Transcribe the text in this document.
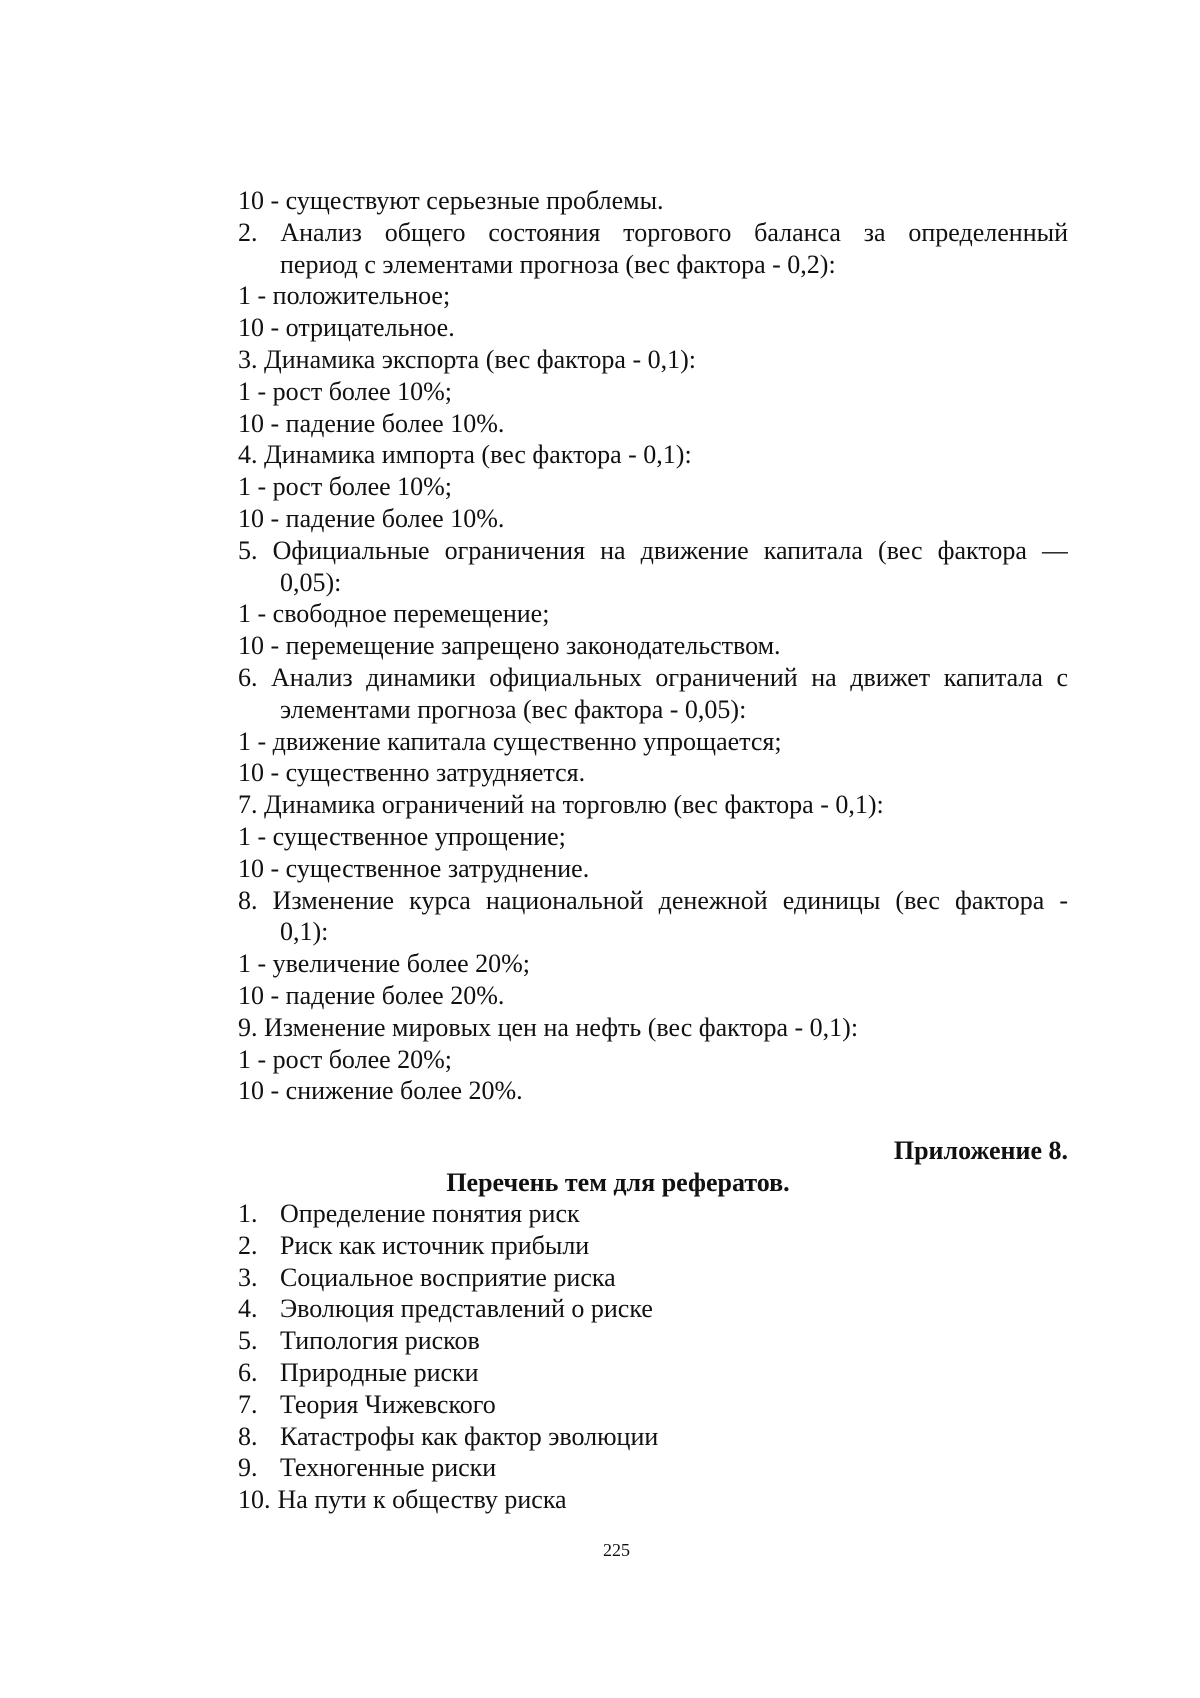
10 - существуют серьезные проблемы.
2. Анализ общего состояния торгового баланса за определенный
период с элементами прогноза (вес фактора - 0,2):
1 - положительное;
10 - отрицательное.
3. Динамика экспорта (вес фактора - 0,1):
1 - рост более 10%;
10 - падение более 10%.
4. Динамика импорта (вес фактора - 0,1):
1 - рост более 10%;
10 - падение более 10%.
5. Официальные ограничения на движение капитала (вес фактора —
0,05):
1 - свободное перемещение;
10 - перемещение запрещено законодательством.
6. Анализ динамики официальных ограничений на движет капитала с
элементами прогноза (вес фактора - 0,05):
1 - движение капитала существенно упрощается;
10 - существенно затрудняется.
7. Динамика ограничений на торговлю (вес фактора - 0,1):
1 - существенное упрощение;
10 - существенное затруднение.
8. Изменение курса национальной денежной единицы (вес фактора -
0,1):
1 - увеличение более 20%;
10 - падение более 20%.
9. Изменение мировых цен на нефть (вес фактора - 0,1):
1 - рост более 20%;
10 - снижение более 20%.
Приложение 8.
Перечень тем для рефератов.
1. Определение понятия риск
2. Риск как источник прибыли
3. Социальное восприятие риска
4. Эволюция представлений о риске
5. Типология рисков
6. Природные риски
7. Теория Чижевского
8. Катастрофы как фактор эволюции
9. Техногенные риски
10. На пути к обществу риска
225
